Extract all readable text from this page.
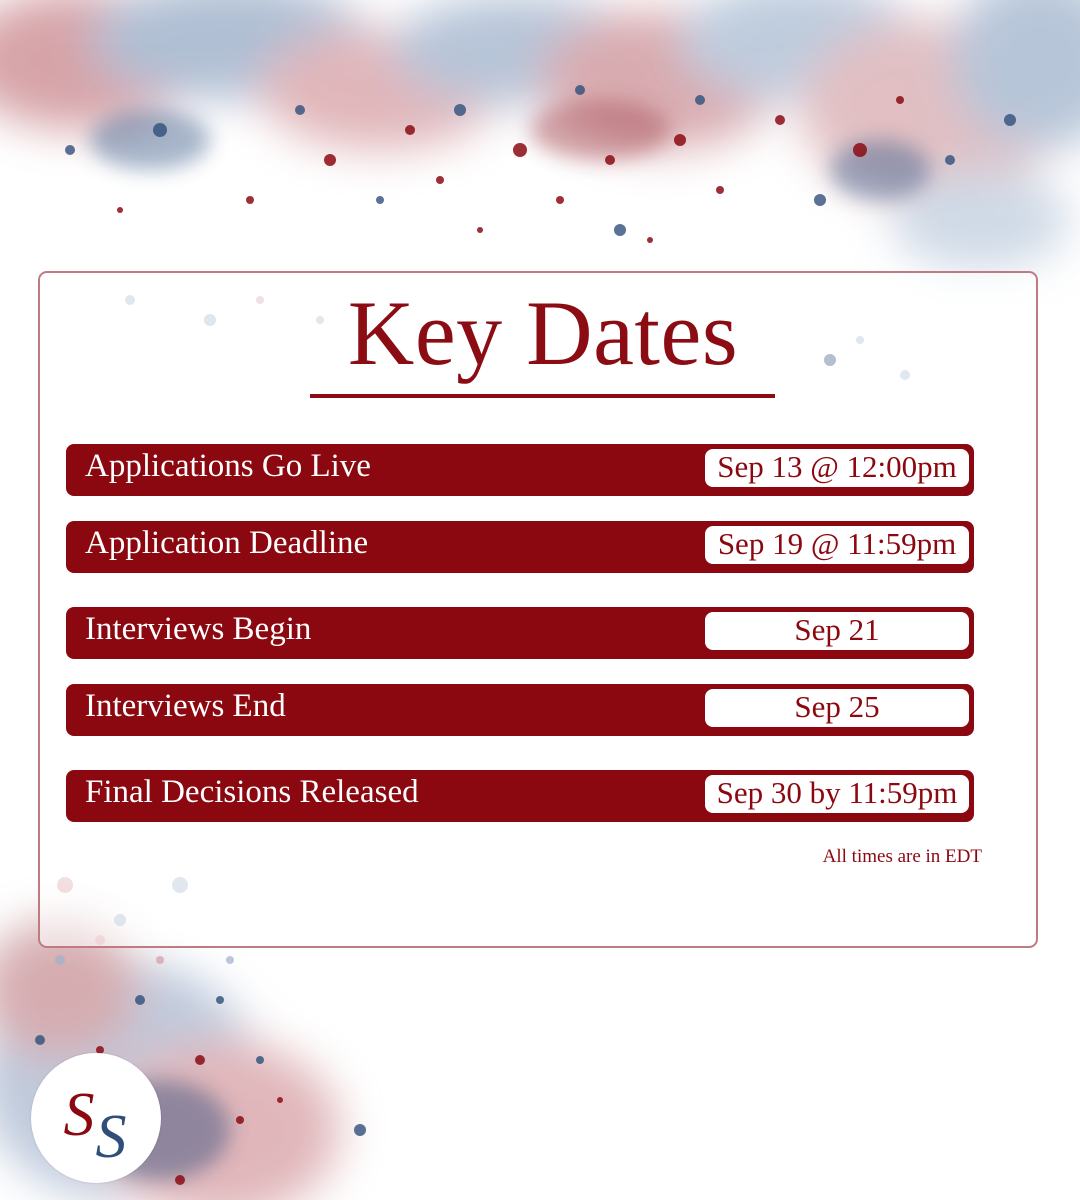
Key Dates
Applications Go Live	Sep 13 @ 12:00pm
Application Deadline	Sep 19 @ 11:59pm
Interviews Begin	Sep 21
Interviews End	Sep 25
Final Decisions Released	Sep 30 by 11:59pm
All times are in EDT
S S
